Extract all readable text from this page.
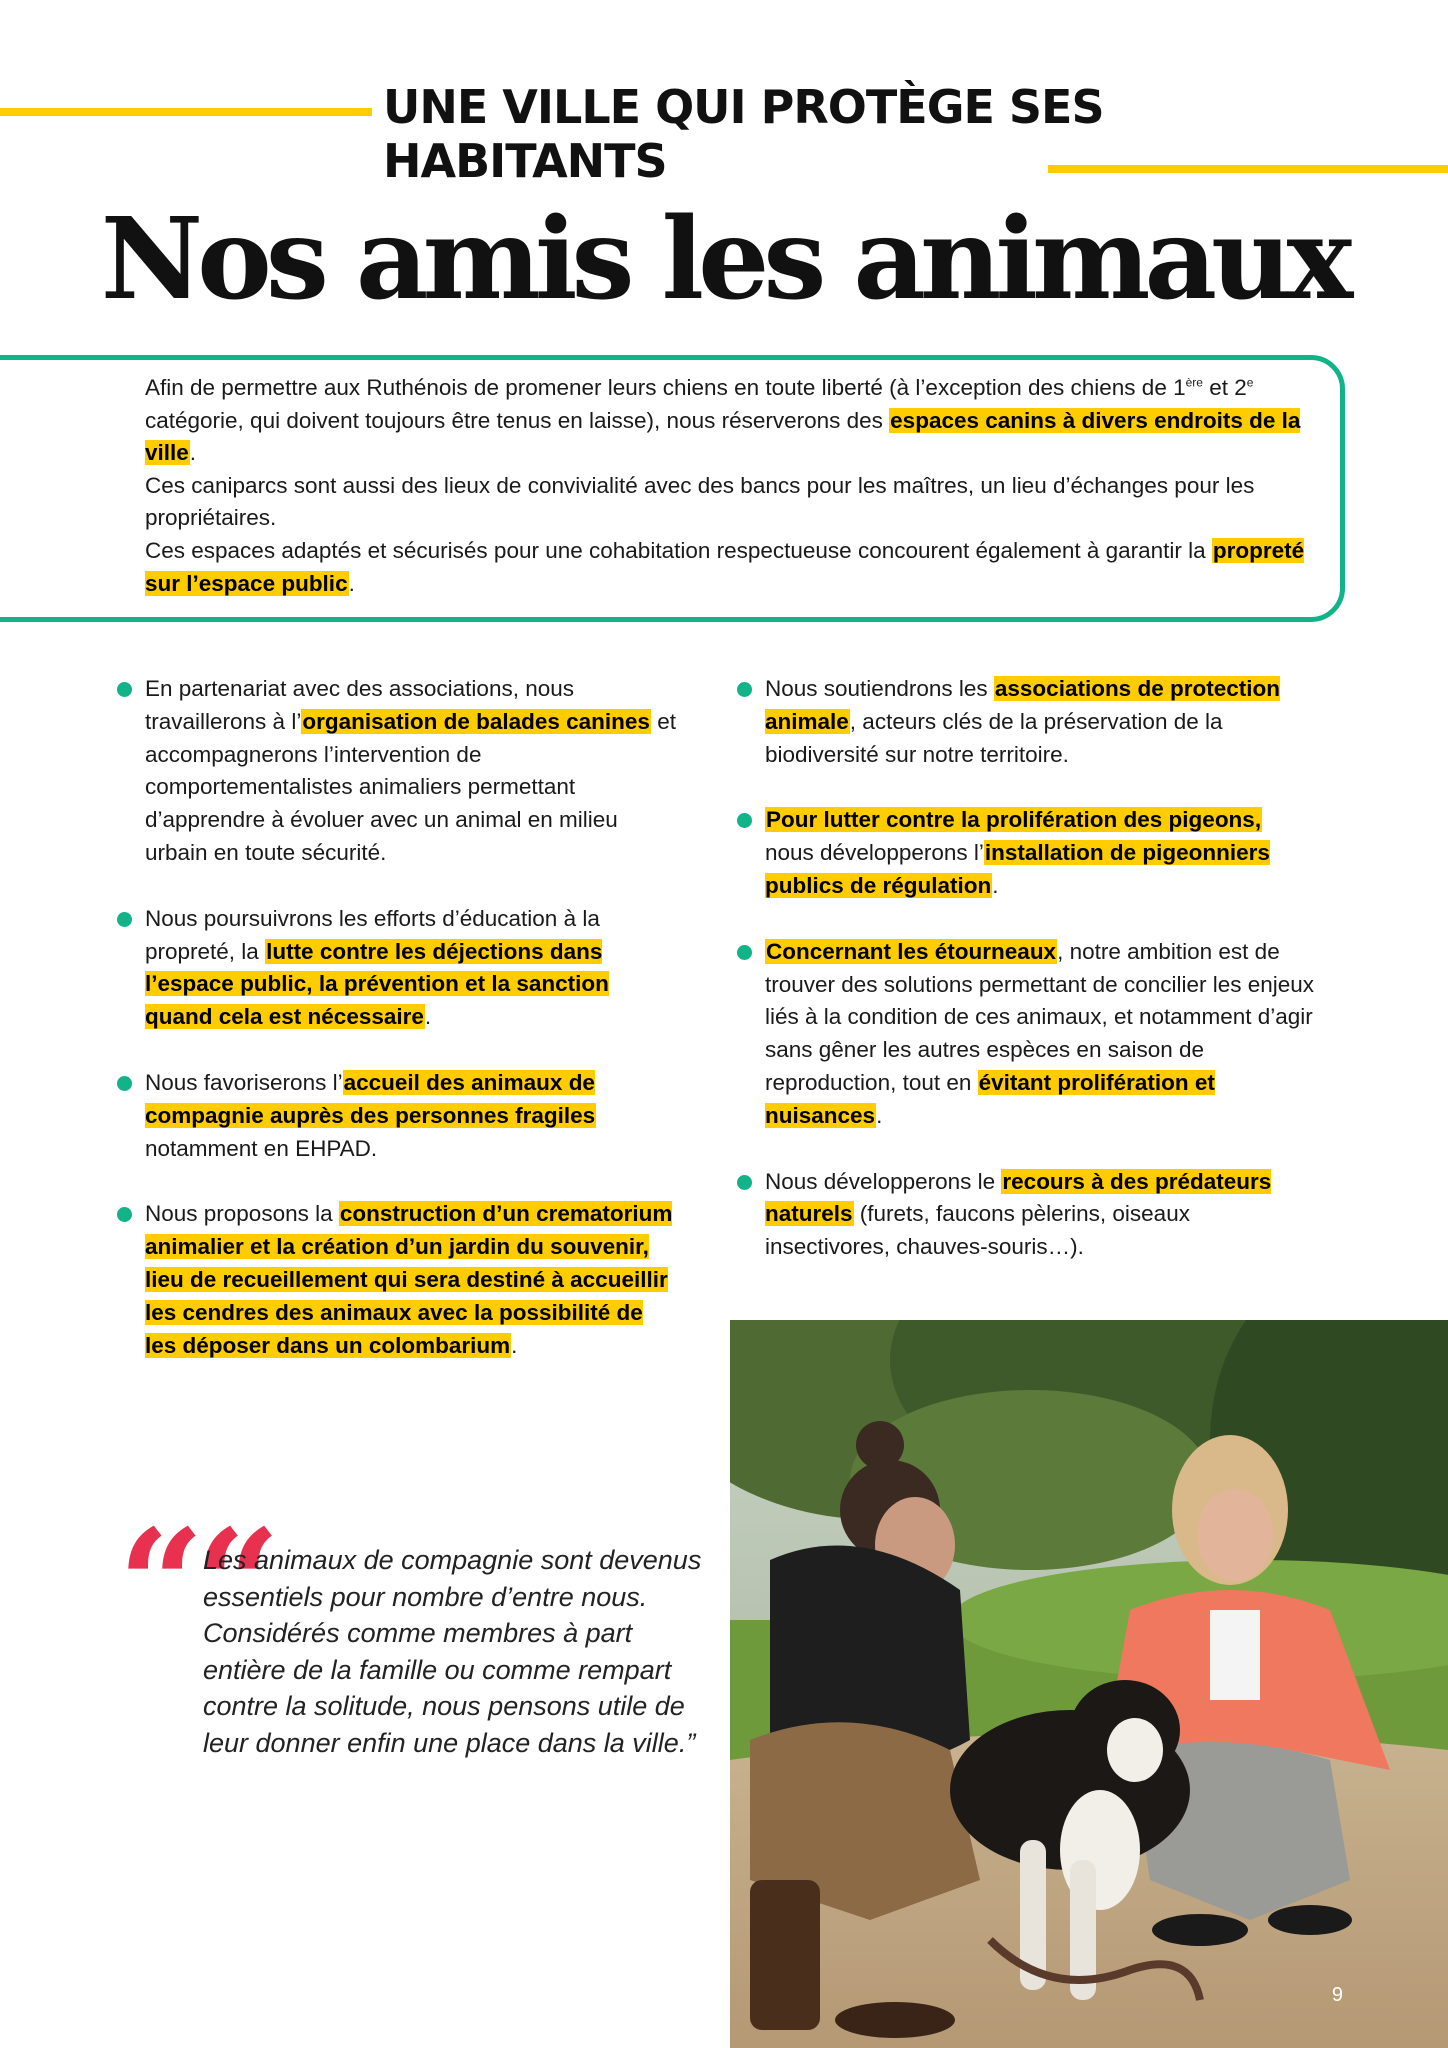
UNE VILLE QUI PROTÈGE SES HABITANTS
Nos amis les animaux

Afin de permettre aux Ruthénois de promener leurs chiens en toute liberté (à l’exception des chiens de 1ère et 2e catégorie, qui doivent toujours être tenus en laisse), nous réserverons des espaces canins à divers endroits de la ville.

Ces caniparcs sont aussi des lieux de convivialité avec des bancs pour les maîtres, un lieu d’échanges pour les propriétaires.

Ces espaces adaptés et sécurisés pour une cohabitation respectueuse concourent également à garantir la propreté sur l’espace public.

En partenariat avec des associations, nous travaillerons à l’organisation de balades canines et accompagnerons l’intervention de comportementalistes animaliers permettant d’apprendre à évoluer avec un animal en milieu urbain en toute sécurité.
Nous poursuivrons les efforts d’éducation à la propreté, la lutte contre les déjections dans l’espace public, la prévention et la sanction quand cela est nécessaire.
Nous favoriserons l’accueil des animaux de compagnie auprès des personnes fragiles notamment en EHPAD.
Nous proposons la construction d’un crematorium animalier et la création d’un jardin du souvenir, lieu de recueillement qui sera destiné à accueillir les cendres des animaux avec la possibilité de les déposer dans un colombarium.
Nous soutiendrons les associations de protection animale, acteurs clés de la préservation de la biodiversité sur notre territoire.
Pour lutter contre la prolifération des pigeons, nous développerons l’installation de pigeonniers publics de régulation.
Concernant les étourneaux, notre ambition est de trouver des solutions permettant de concilier les enjeux liés à la condition de ces animaux, et notamment d’agir sans gêner les autres espèces en saison de reproduction, tout en évitant prolifération et nuisances.
Nous développerons le recours à des prédateurs naturels (furets, faucons pèlerins, oiseaux insectivores, chauves-souris…).
““

Les animaux de compagnie sont devenus essentiels pour nombre d’entre nous. Considérés comme membres à part entière de la famille ou comme rempart contre la solitude, nous pensons utile de leur donner enfin une place dans la ville.”

9
